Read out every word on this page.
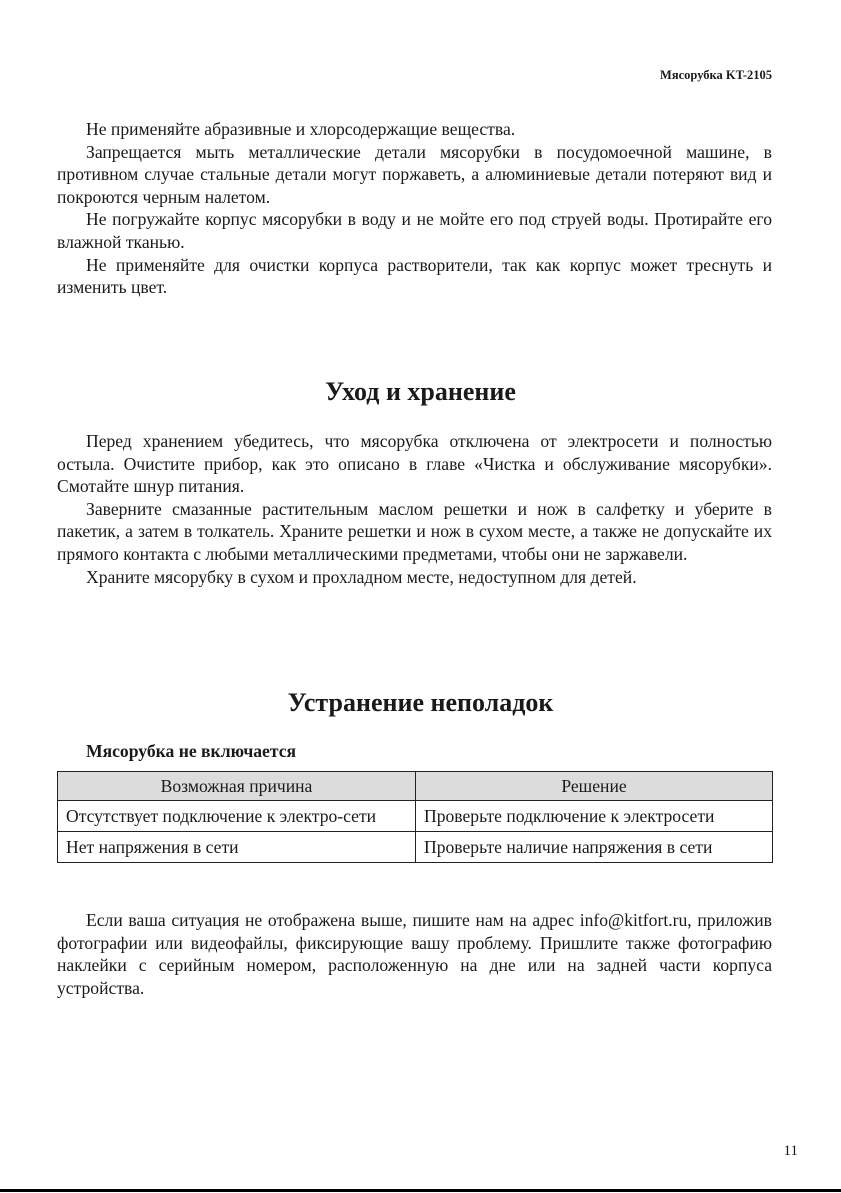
Мясорубка KT-2105

Не применяйте абразивные и хлорсодержащие вещества.

Запрещается мыть металлические детали мясорубки в посудомоечной машине, в противном случае стальные детали могут поржаветь, а алюминиевые детали потеряют вид и покроются черным налетом.

Не погружайте корпус мясорубки в воду и не мойте его под струей воды. Протирайте его влажной тканью.

Не применяйте для очистки корпуса растворители, так как корпус может треснуть и изменить цвет.

Уход и хранение

Перед хранением убедитесь, что мясорубка отключена от электросети и полностью остыла. Очистите прибор, как это описано в главе «Чистка и обслуживание мясорубки». Смотайте шнур питания.

Заверните смазанные растительным маслом решетки и нож в салфетку и уберите в пакетик, а затем в толкатель. Храните решетки и нож в сухом месте, а также не допускайте их прямого контакта с любыми металлическими предметами, чтобы они не заржавели.

Храните мясорубку в сухом и прохладном месте, недоступном для детей.

Устранение неполадок

Мясорубка не включается

Возможная причина	Решение
Отсутствует подключение к электро-сети	Проверьте подключение к электросети
Нет напряжения в сети	Проверьте наличие напряжения в сети

Если ваша ситуация не отображена выше, пишите нам на адрес info@kitfort.ru, приложив фотографии или видеофайлы, фиксирующие вашу проблему. Пришлите также фотографию наклейки с серийным номером, расположенную на дне или на задней части корпуса устройства.

11
